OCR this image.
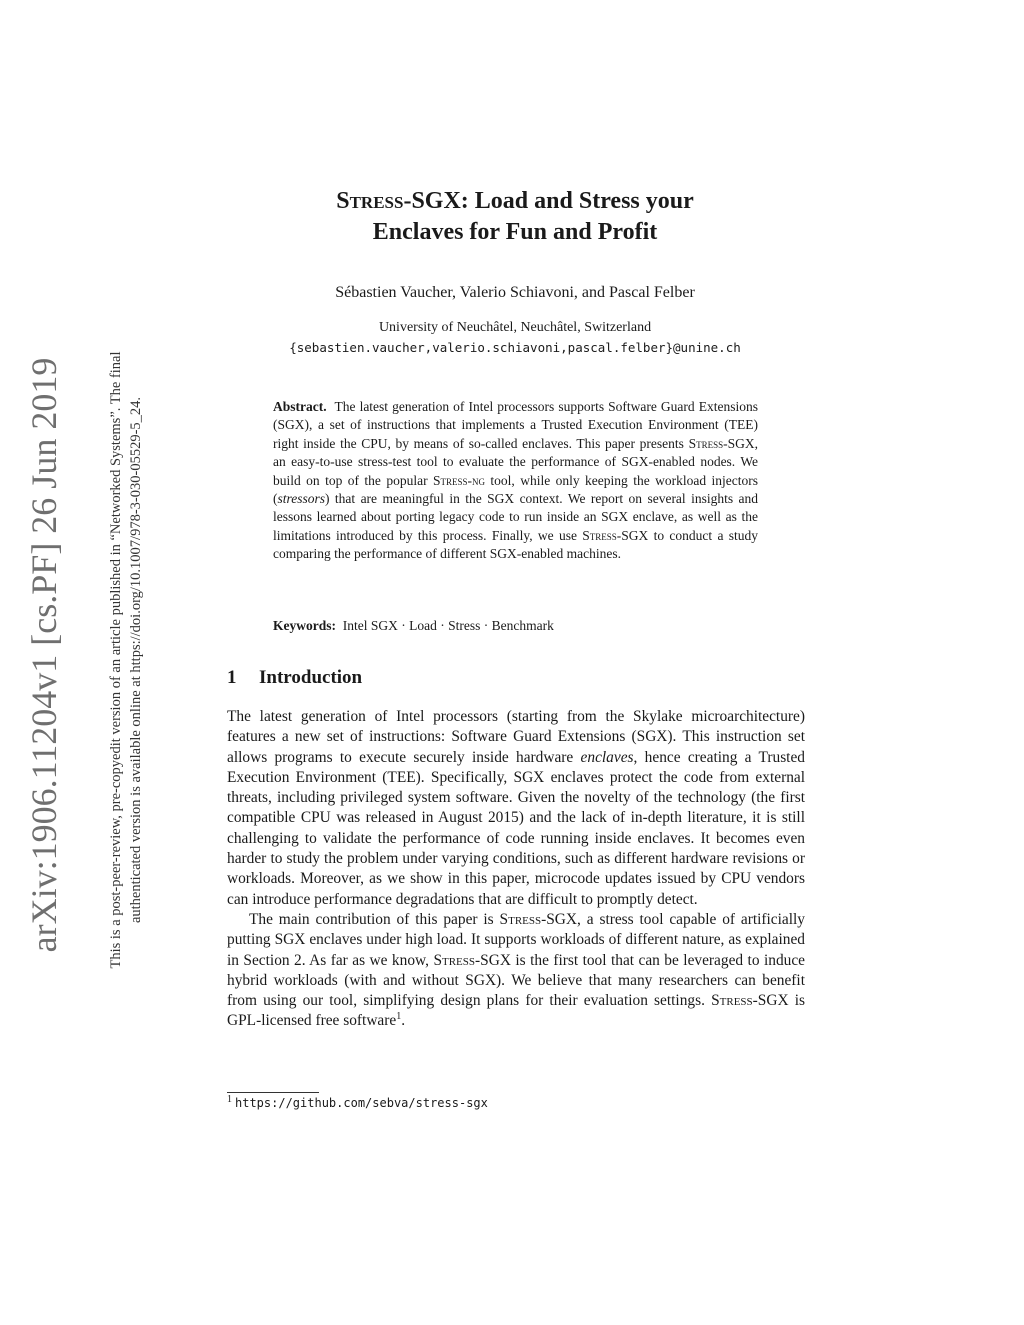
arXiv:1906.11204v1 [cs.PF] 26 Jun 2019	This is a post-peer-review, pre-copyedit version of an article published in “Networked Systems”. The final authenticated version is available online at https://doi.org/10.1007/978-3-030-05529-5_24.
Stress-SGX: Load and Stress your
Enclaves for Fun and Profit
Sébastien Vaucher, Valerio Schiavoni, and Pascal Felber
University of Neuchâtel, Neuchâtel, Switzerland
{sebastien.vaucher,valerio.schiavoni,pascal.felber}@unine.ch
Abstract. The latest generation of Intel processors supports Software Guard Extensions (SGX), a set of instructions that implements a Trusted Execution Environment (TEE) right inside the CPU, by means of so-called enclaves. This paper presents Stress-SGX, an easy-to-use stress-test tool to evaluate the performance of SGX-enabled nodes. We build on top of the popular Stress-ng tool, while only keeping the workload injectors (stressors) that are meaningful in the SGX context. We report on several insights and lessons learned about porting legacy code to run inside an SGX enclave, as well as the limitations introduced by this process. Finally, we use Stress-SGX to conduct a study comparing the performance of different SGX-enabled machines.
Keywords: Intel SGX · Load · Stress · Benchmark
1 Introduction

The latest generation of Intel processors (starting from the Skylake microarchitecture) features a new set of instructions: Software Guard Extensions (SGX). This instruction set allows programs to execute securely inside hardware enclaves, hence creating a Trusted Execution Environment (TEE). Specifically, SGX enclaves protect the code from external threats, including privileged system software. Given the novelty of the technology (the first compatible CPU was released in August 2015) and the lack of in-depth literature, it is still challenging to validate the performance of code running inside enclaves. It becomes even harder to study the problem under varying conditions, such as different hardware revisions or workloads. Moreover, as we show in this paper, microcode updates issued by CPU vendors can introduce performance degradations that are difficult to promptly detect.

The main contribution of this paper is Stress-SGX, a stress tool capable of artificially putting SGX enclaves under high load. It supports workloads of different nature, as explained in Section 2. As far as we know, Stress-SGX is the first tool that can be leveraged to induce hybrid workloads (with and without SGX). We believe that many researchers can benefit from using our tool, simplifying design plans for their evaluation settings. Stress-SGX is GPL-licensed free software$^1$.

$^1$ https://github.com/sebva/stress-sgx
